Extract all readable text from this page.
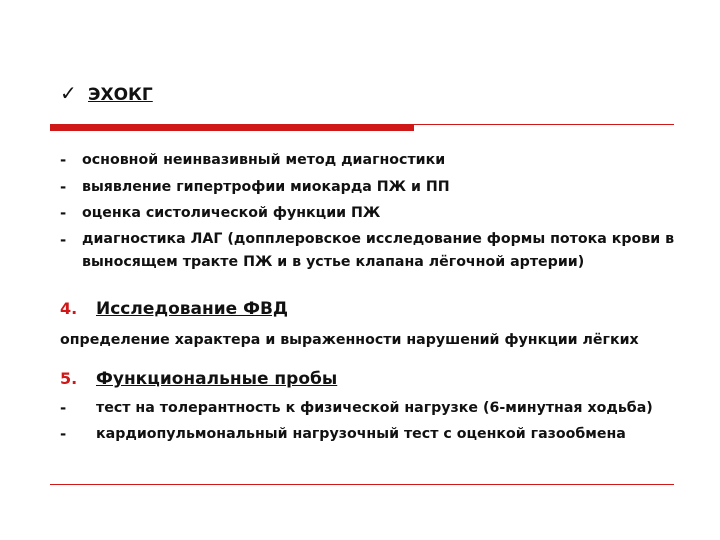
✓ ЭХОКГ
- основной неинвазивный метод диагностики
- выявление гипертрофии миокарда ПЖ и ПП
- оценка систолической функции ПЖ
- диагностика ЛАГ (допплеровское исследование формы потока крови в выносящем тракте ПЖ и в устье клапана лёгочной артерии)
4. Исследование ФВД
определение характера и выраженности нарушений функции лёгких
5. Функциональные пробы
- тест на толерантность к физической нагрузке (6-минутная ходьба)
- кардиопульмональный нагрузочный тест с оценкой газообмена
